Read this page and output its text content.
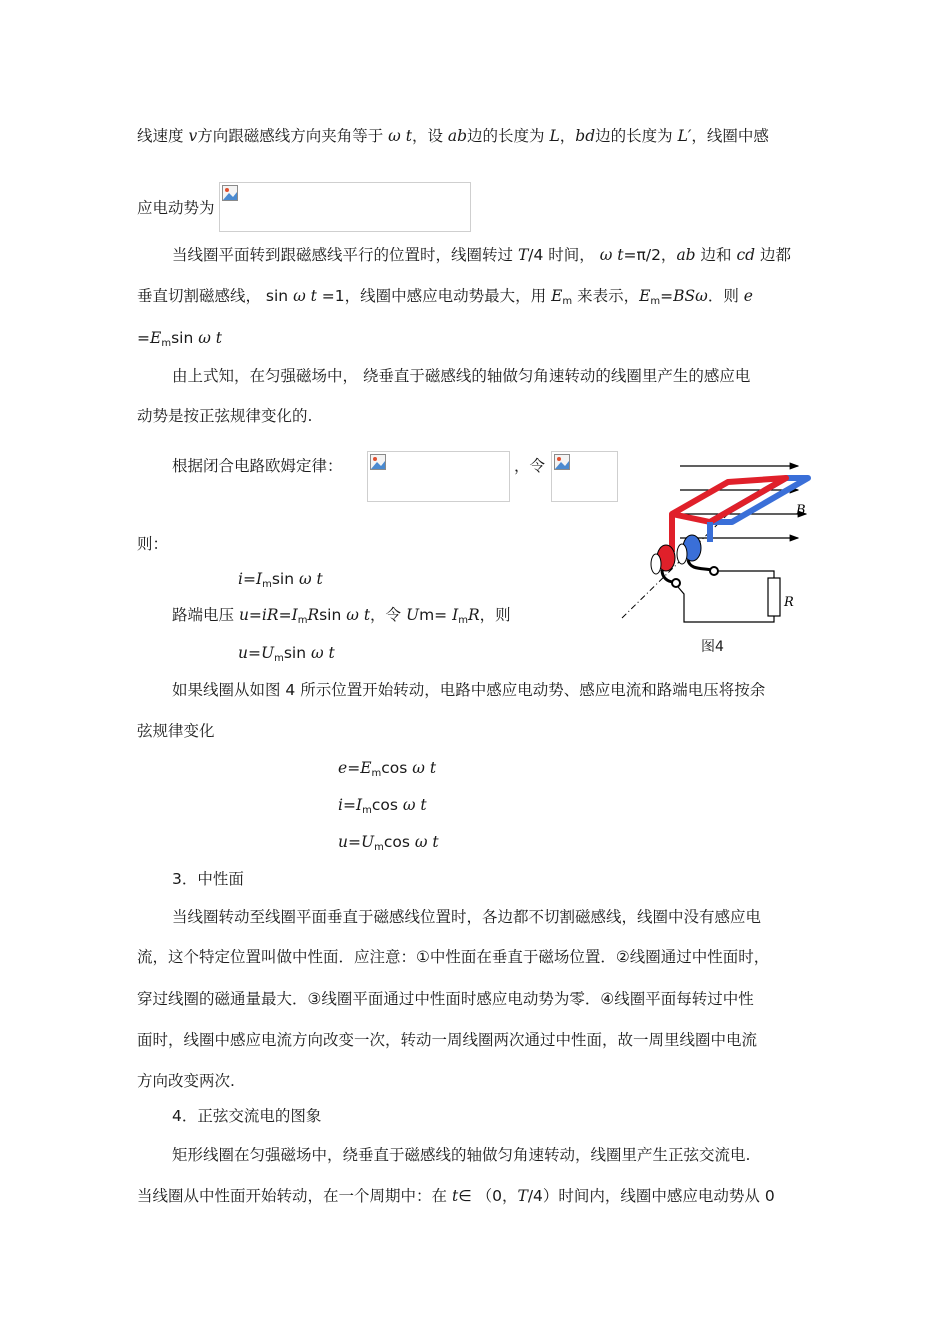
线速度 v方向跟磁感线方向夹角等于 ω t，设 ab边的长度为 L，bd边的长度为 L′，线圈中感
应电动势为
当线圈平面转到跟磁感线平行的位置时，线圈转过 T/4 时间， ω t=π/2，ab 边和 cd 边都
垂直切割磁感线， sin ω t =1，线圈中感应电动势最大，用 $E_m$ 来表示，$E_m=BS\omega$．则 e
$=E_m\sin$ ω t
由上式知，在匀强磁场中， 绕垂直于磁感线的轴做匀角速转动的线圈里产生的感应电
动势是按正弦规律变化的.
根据闭合电路欧姆定律：	，令
则：
$i=I_m\sin$ ω t
路端电压 $u=iR=I_mRsin$ ω t，令 $Um= I_mR$，则
$u=U_m\sin$ ω t
如果线圈从如图 4 所示位置开始转动，电路中感应电动势、感应电流和路端电压将按余
弦规律变化
$e=E_m\cos$ ω t
$i=I_m\cos$ ω t
$u=U_m\cos$ ω t
3．中性面
当线圈转动至线圈平面垂直于磁感线位置时，各边都不切割磁感线，线圈中没有感应电
流，这个特定位置叫做中性面．应注意：①中性面在垂直于磁场位置．②线圈通过中性面时，
穿过线圈的磁通量最大．③线圈平面通过中性面时感应电动势为零．④线圈平面每转过中性
面时，线圈中感应电流方向改变一次，转动一周线圈两次通过中性面，故一周里线圈中电流
方向改变两次.
4．正弦交流电的图象
矩形线圈在匀强磁场中，绕垂直于磁感线的轴做匀角速转动，线圈里产生正弦交流电.
当线圈从中性面开始转动，在一个周期中：在 t∈ （0，T/4）时间内，线圈中感应电动势从 0
B
R
图4
